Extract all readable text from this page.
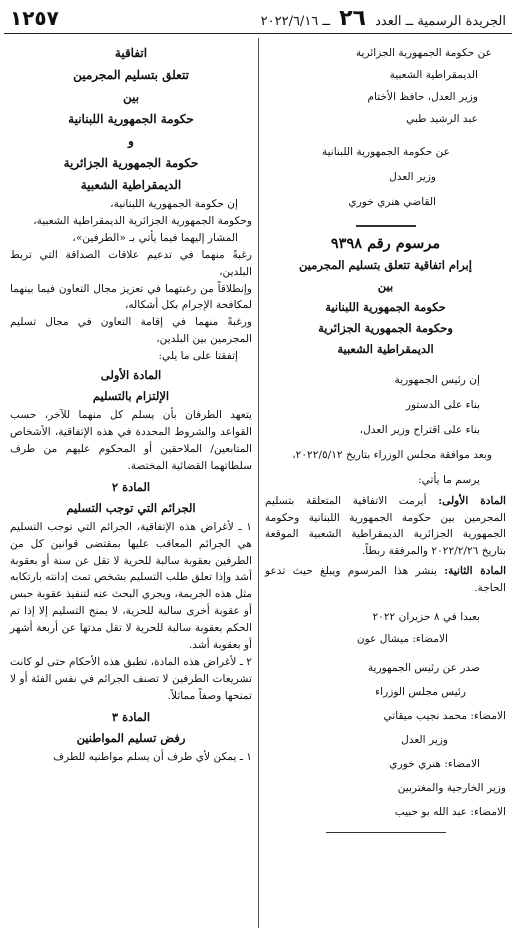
الجريدة الرسمية ــ العدد ٢٦ ــ ٢٠٢٢/٦/١٦
١٢٥٧
عن حكومة الجمهورية الجزائرية
الديمقراطية الشعبية
وزير العدل، حافظ الأختام
عبد الرشيد طبي
عن حكومة الجمهورية اللبنانية
وزير العدل
القاضي هنري خوري
مرسوم رقم ٩٣٩٨
إبرام اتفاقية تتعلق بتسليم المجرمين
بين
حكومة الجمهورية اللبنانية
وحكومة الجمهورية الجزائرية
الديمقراطية الشعبية
إن رئيس الجمهورية
بناء على الدستور
بناء على اقتراح وزير العدل،
وبعد موافقة مجلس الوزراء بتاريخ ٢٠٢٢/٥/١٢،
يرسم ما يأتي:
المادة الأولى: أبرمت الاتفاقية المتعلقة بتسليم المجرمين بين حكومة الجمهورية اللبنانية وحكومة الجمهورية الجزائرية الديمقراطية الشعبية الموقعة بتاريخ ٢٠٢٢/٢/٢٦ والمرفقة ربطاً.
المادة الثانية: ينشر هذا المرسوم ويبلغ حيث تدعو الحاجة.
بعبدا في ٨ حزيران ٢٠٢٢
الامضاء: ميشال عون
صدر عن رئيس الجمهورية
رئيس مجلس الوزراء
الامضاء: محمد نجيب ميقاتي
وزير العدل
الامضاء: هنري خوري
وزير الخارجية والمغتربين
الامضاء: عبد الله بو حبيب
اتفاقية
تتعلق بتسليم المجرمين
بين
حكومة الجمهورية اللبنانية
و
حكومة الجمهورية الجزائرية
الديمقراطية الشعبية
إن حكومة الجمهورية اللبنانية،
وحكومة الجمهورية الجزائرية الديمقراطية الشعبية،
المشار إليهما فيما يأتي بـ «الطرفين»،
رغبةً منهما في تدعيم علاقات الصداقة التي تربط البلدين،
وإنطلاقاً من رغبتهما في تعزيز مجال التعاون فيما بينهما لمكافحة الإجرام بكل أشكاله،
ورغبةً منهما في إقامة التعاون في مجال تسليم المجرمين بين البلدين،
إتفقتا على ما يلي:
المادة الأولى
الإلتزام بالتسليم
يتعهد الطرفان بأن يسلم كل منهما للآخر، حسب القواعد والشروط المحددة في هذه الإتفاقية، الأشخاص المتابعين/ الملاحقين أو المحكوم عليهم من طرف سلطاتهما القضائية المختصة.
المادة ٢
الجرائم التي توجب التسليم
١ ـ لأغراض هذه الإتفاقية، الجرائم التي توجب التسليم هي الجرائم المعاقب عليها بمقتضى قوانين كل من الطرفين بعقوبة سالبة للحرية لا تقل عن سنة أو بعقوبة أشد وإذا تعلق طلب التسليم بشخص تمت إدانته بارتكابه مثل هذه الجريمة، ويجري البحث عنه لتنفيذ عقوبة حبس أو عقوبة أخرى سالبة للحرية، لا يمنح التسليم إلا إذا تم الحكم بعقوبة سالبة للحرية لا تقل مدتها عن أربعة أشهر أو بعقوبة أشد.
٢ ـ لأغراض هذه المادة، تطبق هذه الأحكام حتى لو كانت تشريعات الطرفين لا تصنف الجرائم في نفس الفئة أو لا تمنحها وصفاً مماثلاً.
المادة ٣
رفض تسليم المواطنين
١ ـ يمكن لأي طرف أن يسلم مواطنيه للطرف
